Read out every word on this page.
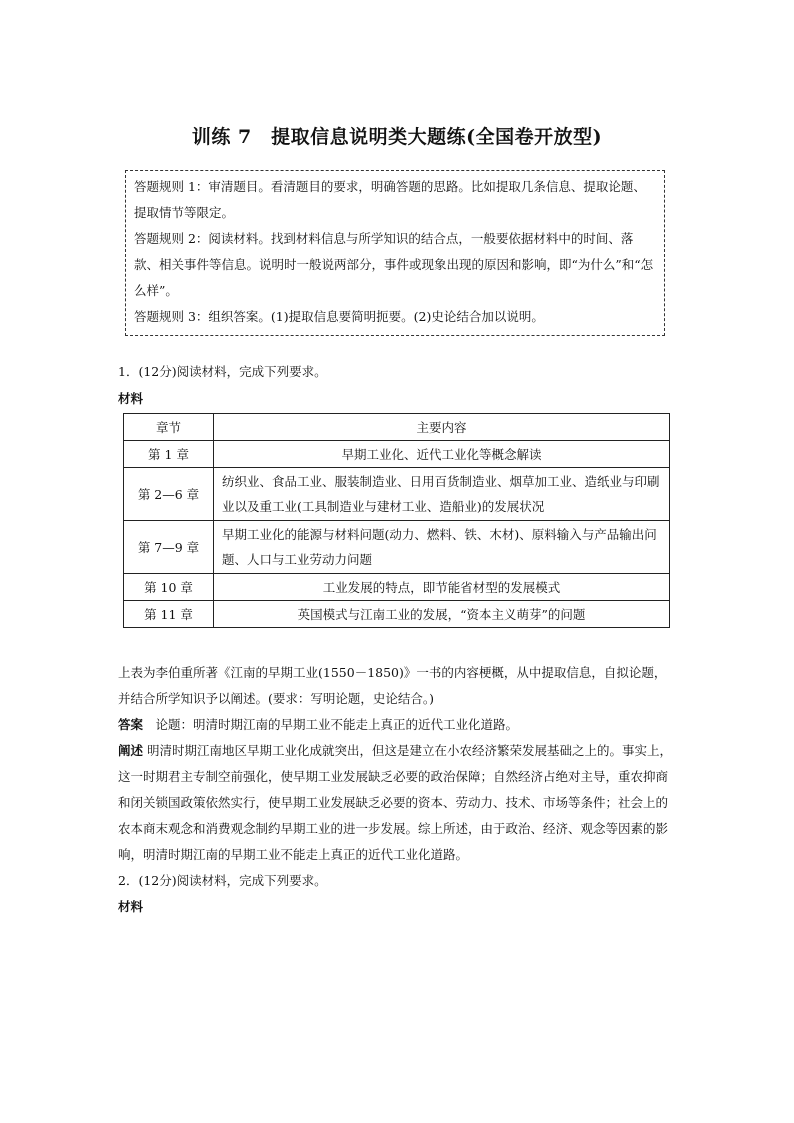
训练 7　提取信息说明类大题练(全国卷开放型)

答题规则 1：审清题目。看清题目的要求，明确答题的思路。比如提取几条信息、提取论题、提取情节等限定。

答题规则 2：阅读材料。找到材料信息与所学知识的结合点，一般要依据材料中的时间、落款、相关事件等信息。说明时一般说两部分，事件或现象出现的原因和影响，即“为什么”和“怎么样”。

答题规则 3：组织答案。(1)提取信息要简明扼要。(2)史论结合加以说明。

1．(12分)阅读材料，完成下列要求。
材料
章节	主要内容
第 1 章	早期工业化、近代工业化等概念解读
第 2—6 章	纺织业、食品工业、服装制造业、日用百货制造业、烟草加工业、造纸业与印刷业以及重工业(工具制造业与建材工业、造船业)的发展状况
第 7—9 章	早期工业化的能源与材料问题(动力、燃料、铁、木材)、原料输入与产品输出问题、人口与工业劳动力问题
第 10 章	工业发展的特点，即节能省材型的发展模式
第 11 章	英国模式与江南工业的发展，“资本主义萌芽”的问题

上表为李伯重所著《江南的早期工业(1550－1850)》一书的内容梗概，从中提取信息，自拟论题，并结合所学知识予以阐述。(要求：写明论题，史论结合。)

答案　论题：明清时期江南的早期工业不能走上真正的近代工业化道路。

阐述 明清时期江南地区早期工业化成就突出，但这是建立在小农经济繁荣发展基础之上的。事实上，这一时期君主专制空前强化，使早期工业发展缺乏必要的政治保障；自然经济占绝对主导，重农抑商和闭关锁国政策依然实行，使早期工业发展缺乏必要的资本、劳动力、技术、市场等条件；社会上的农本商末观念和消费观念制约早期工业的进一步发展。综上所述，由于政治、经济、观念等因素的影响，明清时期江南的早期工业不能走上真正的近代工业化道路。

2．(12分)阅读材料，完成下列要求。

材料
